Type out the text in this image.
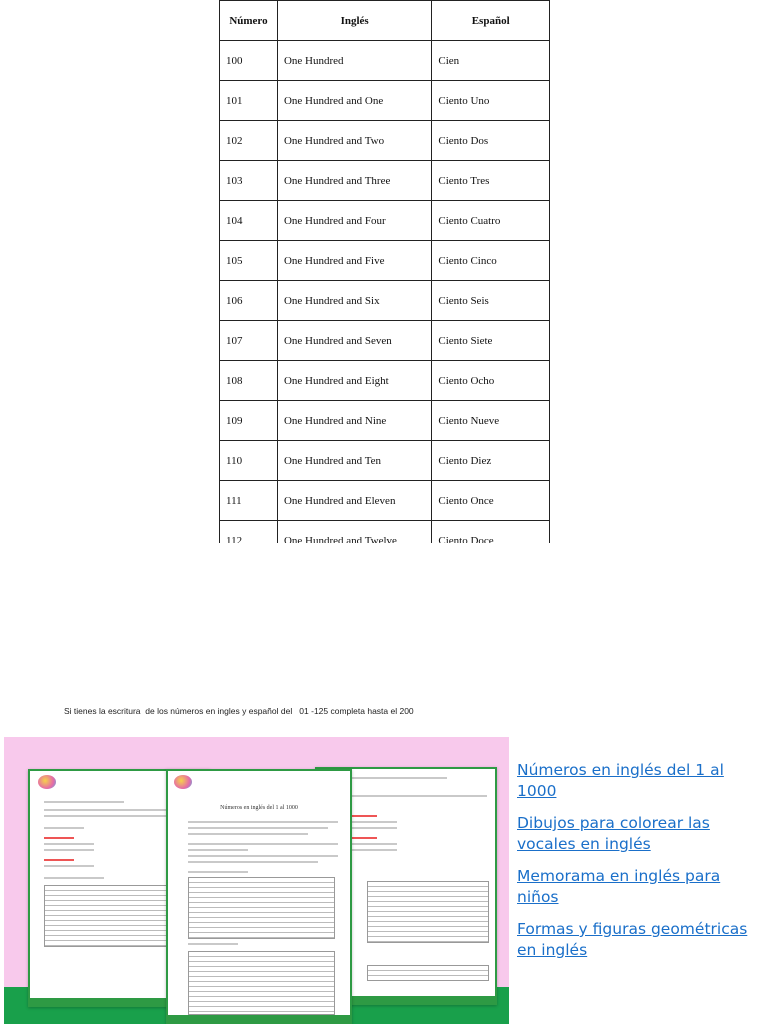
Número	Inglés	Español
100	One Hundred	Cien
101	One Hundred and One	Ciento Uno
102	One Hundred and Two	Ciento Dos
103	One Hundred and Three	Ciento Tres
104	One Hundred and Four	Ciento Cuatro
105	One Hundred and Five	Ciento Cinco
106	One Hundred and Six	Ciento Seis
107	One Hundred and Seven	Ciento Siete
108	One Hundred and Eight	Ciento Ocho
109	One Hundred and Nine	Ciento Nueve
110	One Hundred and Ten	Ciento Diez
111	One Hundred and Eleven	Ciento Once
112	One Hundred and Twelve	Ciento Doce
Si tienes la escritura  de los números en ingles y español del   01 -125 completa hasta el 200
Números en inglés del 1 al 1000
Números en inglés del 1 al 1000
Dibujos para colorear las vocales en inglés
Memorama en inglés para niños
Formas y figuras geométricas en inglés
